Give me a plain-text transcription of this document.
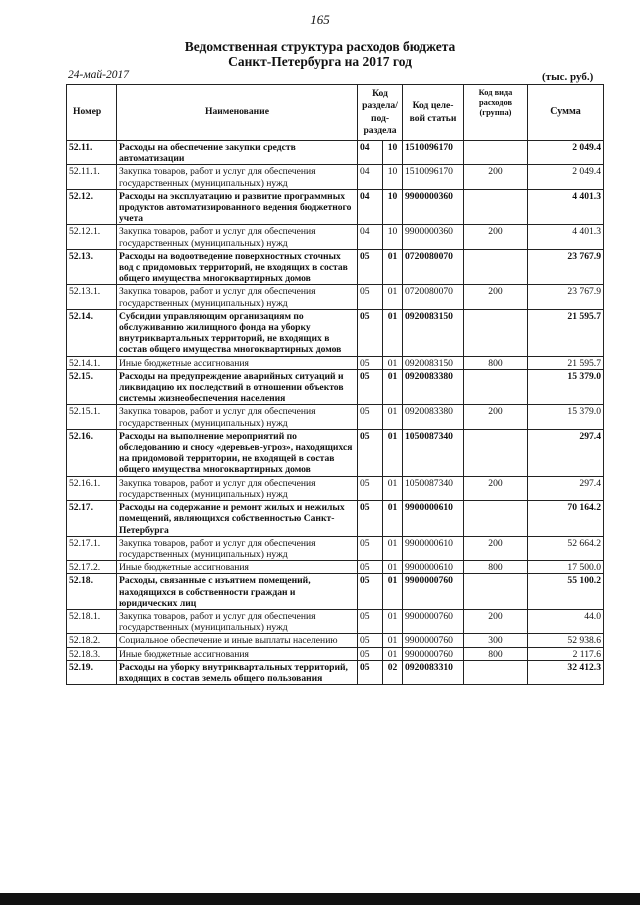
165
Ведомственная структура расходов бюджета
Санкт-Петербурга на 2017 год
24-май-2017	(тыс. руб.)
Номер	Наименование	Код раздела/ под- раздела		Код целе- вой статьи	Код вида расходов (группа)	Сумма
52.11.	Расходы на обеспечение закупки средств автоматизации	04	10	1510096170		2 049.4
52.11.1.	Закупка товаров, работ и услуг для обеспечения государственных (муниципальных) нужд	04	10	1510096170	200	2 049.4
52.12.	Расходы на эксплуатацию и развитие программных продуктов автоматизированного ведения бюджетного учета	04	10	9900000360		4 401.3
52.12.1.	Закупка товаров, работ и услуг для обеспечения государственных (муниципальных) нужд	04	10	9900000360	200	4 401.3
52.13.	Расходы на водоотведение поверхностных сточных вод с придомовых территорий, не входящих в состав общего имущества многоквартирных домов	05	01	0720080070		23 767.9
52.13.1.	Закупка товаров, работ и услуг для обеспечения государственных (муниципальных) нужд	05	01	0720080070	200	23 767.9
52.14.	Субсидии управляющим организациям по обслуживанию жилищного фонда на уборку внутриквартальных территорий, не входящих в состав общего имущества многоквартирных домов	05	01	0920083150		21 595.7
52.14.1.	Иные бюджетные ассигнования	05	01	0920083150	800	21 595.7
52.15.	Расходы на предупреждение аварийных ситуаций и ликвидацию их последствий в отношении объектов системы жизнеобеспечения населения	05	01	0920083380		15 379.0
52.15.1.	Закупка товаров, работ и услуг для обеспечения государственных (муниципальных) нужд	05	01	0920083380	200	15 379.0
52.16.	Расходы на выполнение мероприятий по обследованию и сносу «деревьев-угроз», находящихся на придомовой территории, не входящей в состав общего имущества многоквартирных домов	05	01	1050087340		297.4
52.16.1.	Закупка товаров, работ и услуг для обеспечения государственных (муниципальных) нужд	05	01	1050087340	200	297.4
52.17.	Расходы на содержание и ремонт жилых и нежилых помещений, являющихся собственностью Санкт-Петербурга	05	01	9900000610		70 164.2
52.17.1.	Закупка товаров, работ и услуг для обеспечения государственных (муниципальных) нужд	05	01	9900000610	200	52 664.2
52.17.2.	Иные бюджетные ассигнования	05	01	9900000610	800	17 500.0
52.18.	Расходы, связанные с изъятием помещений, находящихся в собственности граждан и юридических лиц	05	01	9900000760		55 100.2
52.18.1.	Закупка товаров, работ и услуг для обеспечения государственных (муниципальных) нужд	05	01	9900000760	200	44.0
52.18.2.	Социальное обеспечение и иные выплаты населению	05	01	9900000760	300	52 938.6
52.18.3.	Иные бюджетные ассигнования	05	01	9900000760	800	2 117.6
52.19.	Расходы на уборку внутриквартальных территорий, входящих в состав земель общего пользования	05	02	0920083310		32 412.3
